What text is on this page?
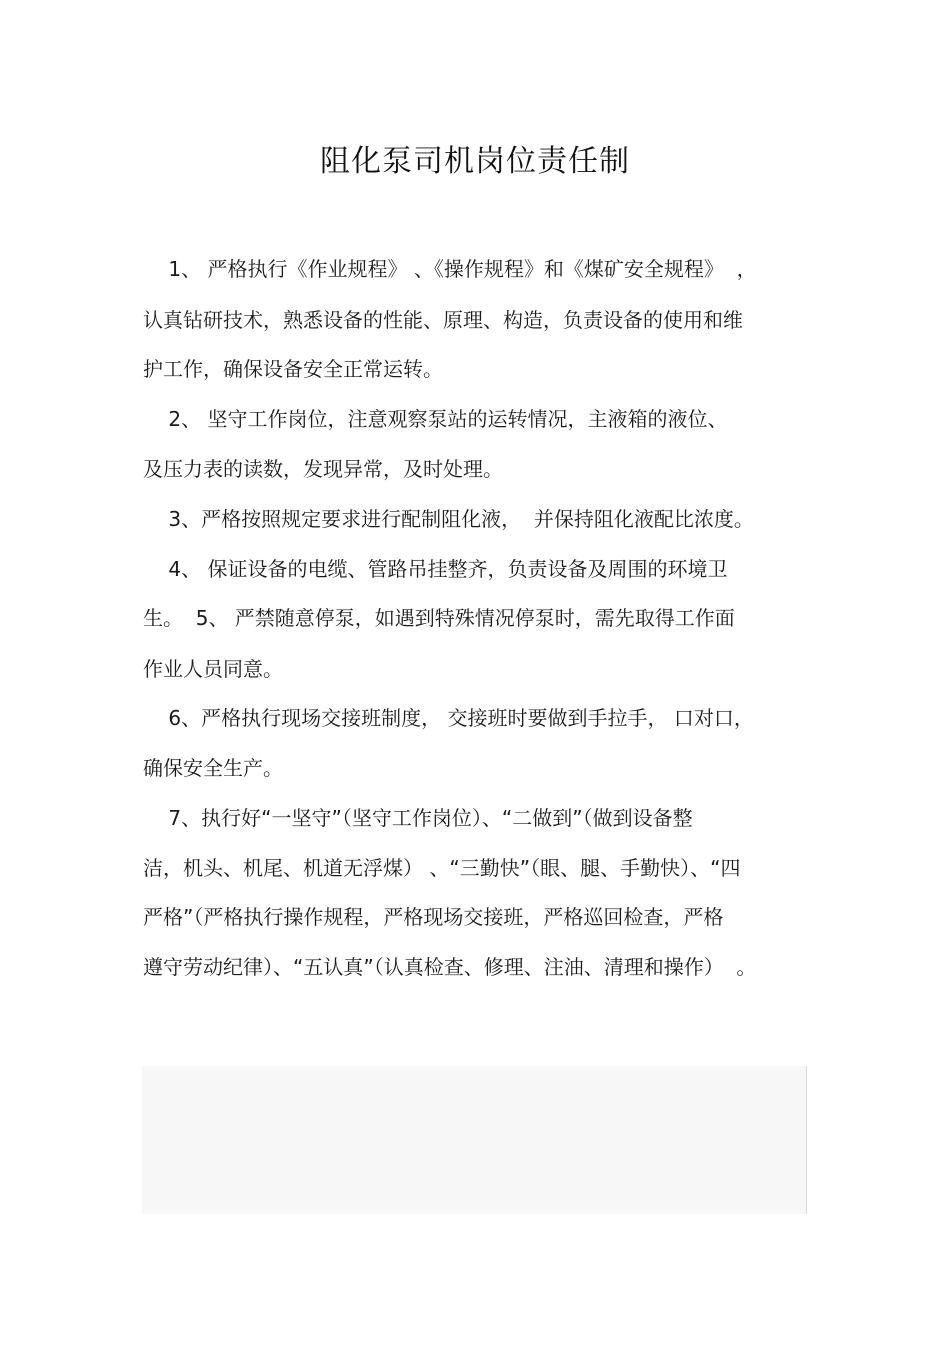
阻化泵司机岗位责任制
1、 严格执行《作业规程》 、《操作规程》和《煤矿安全规程》  ，
认真钻研技术，熟悉设备的性能、原理、构造，负责设备的使用和维
护工作，确保设备安全正常运转。
2、 坚守工作岗位，注意观察泵站的运转情况，主液箱的液位、
及压力表的读数，发现异常，及时处理。
3、严格按照规定要求进行配制阻化液，  并保持阻化液配比浓度。
4、 保证设备的电缆、管路吊挂整齐，负责设备及周围的环境卫
生。  5、 严禁随意停泵，如遇到特殊情况停泵时，需先取得工作面
作业人员同意。
6、严格执行现场交接班制度， 交接班时要做到手拉手， 口对口，
确保安全生产。
7、执行好“一坚守”（坚守工作岗位）、“二做到”（做到设备整
洁，机头、机尾、机道无浮煤） 、“三勤快”（眼、腿、手勤快）、“四
严格”（严格执行操作规程，严格现场交接班，严格巡回检查，严格
遵守劳动纪律）、“五认真”（认真检查、修理、注油、清理和操作）  。
